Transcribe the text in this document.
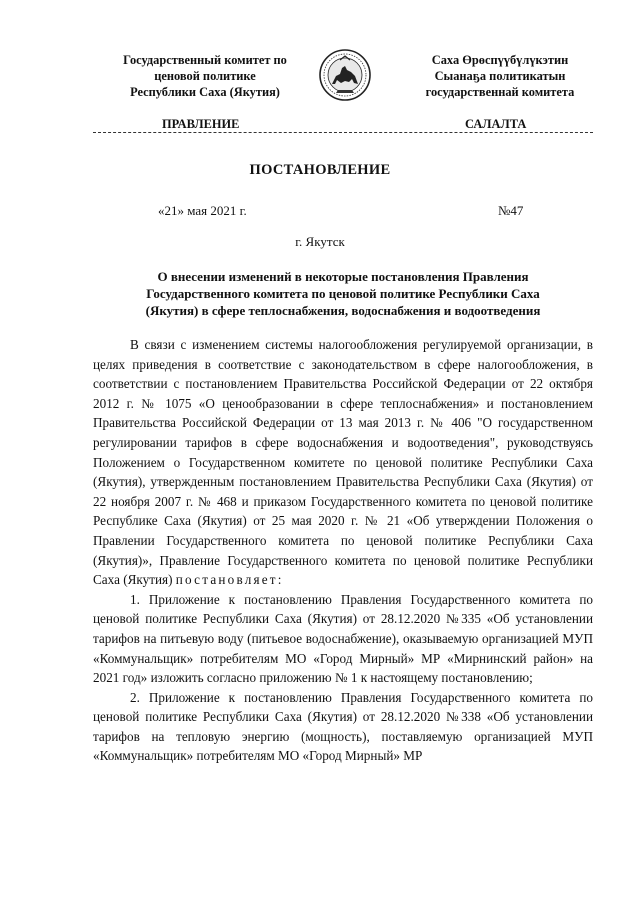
Государственный комитет по
ценовой политике
Республики Саха (Якутия)
Саха Өрөспүүбүлүкэтин
Сыанаҕа политикатын
государственнай комитета
ПРАВЛЕНИЕ	САЛАЛТА
ПОСТАНОВЛЕНИЕ
«21» мая 2021 г.	№47
г. Якутск
О внесении изменений в некоторые постановления Правления
Государственного комитета по ценовой политике Республики Саха
(Якутия) в сфере теплоснабжения, водоснабжения и водоотведения

В связи с изменением системы налогообложения регулируемой организации, в целях приведения в соответствие с законодательством в сфере налогообложения, в соответствии с постановлением Правительства Российской Федерации от 22 октября 2012 г. № 1075 «О ценообразовании в сфере теплоснабжения» и постановлением Правительства Российской Федерации от 13 мая 2013 г. № 406 "О государственном регулировании тарифов в сфере водоснабжения и водоотведения", руководствуясь Положением о Государственном комитете по ценовой политике Республики Саха (Якутия), утвержденным постановлением Правительства Республики Саха (Якутия) от 22 ноября 2007 г. № 468 и приказом Государственного комитета по ценовой политике Республике Саха (Якутия) от 25 мая 2020 г. № 21 «Об утверждении Положения о Правлении Государственного комитета по ценовой политике Республики Саха (Якутия)», Правление Государственного комитета по ценовой политике Республики Саха (Якутия) постановляет:

1. Приложение к постановлению Правления Государственного комитета по ценовой политике Республики Саха (Якутия) от 28.12.2020 №335 «Об установлении тарифов на питьевую воду (питьевое водоснабжение), оказываемую организацией МУП «Коммунальщик» потребителям МО «Город Мирный» МР «Мирнинский район» на 2021 год» изложить согласно приложению № 1 к настоящему постановлению;

2. Приложение к постановлению Правления Государственного комитета по ценовой политике Республики Саха (Якутия) от 28.12.2020 №338 «Об установлении тарифов на тепловую энергию (мощность), поставляемую организацией МУП «Коммунальщик» потребителям МО «Город Мирный» МР
